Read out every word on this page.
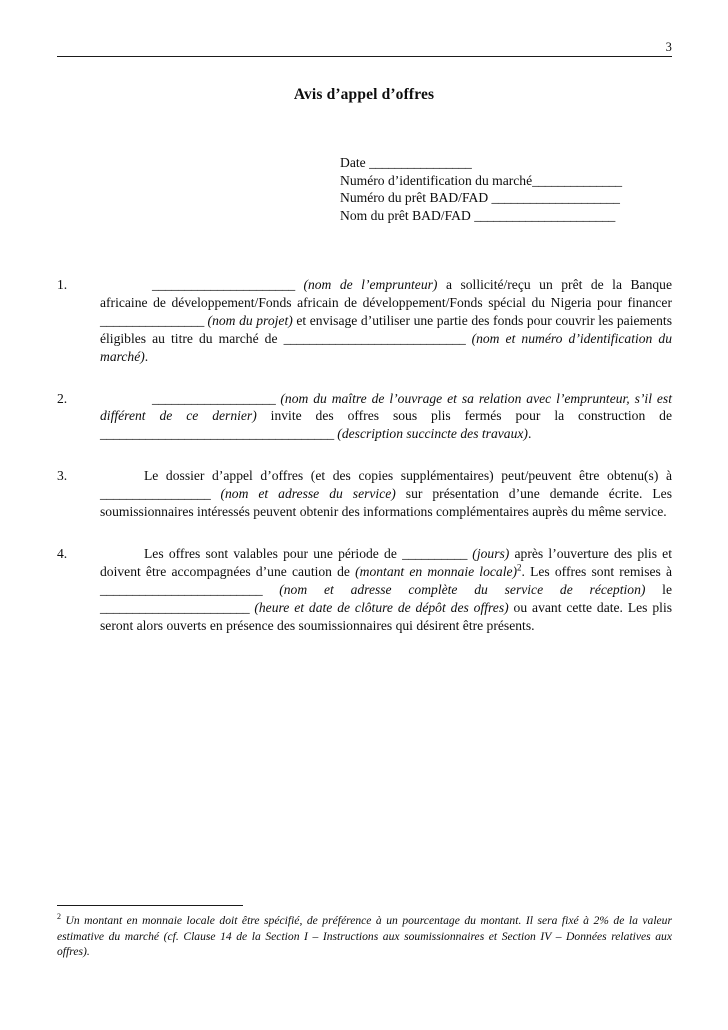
3
Avis d’appel d’offres
Date ________________
Numéro d’identification du marché______________
Numéro du prêt BAD/FAD ____________________
Nom du prêt BAD/FAD ______________________
1.	______________________ (nom de l’emprunteur) a sollicité/reçu un prêt de la Banque africaine de développement/Fonds africain de développement/Fonds spécial du Nigeria pour financer ________________ (nom du projet) et envisage d’utiliser une partie des fonds pour couvrir les paiements éligibles au titre du marché de ____________________________ (nom et numéro d’identification du marché).

2.	___________________ (nom du maître de l’ouvrage et sa relation avec l’emprunteur, s’il est différent de ce dernier) invite des offres sous plis fermés pour la construction de ____________________________________ (description succincte des travaux).

3.	Le dossier d’appel d’offres (et des copies supplémentaires) peut/peuvent être obtenu(s) à _________________ (nom et adresse du service) sur présentation d’une demande écrite. Les soumissionnaires intéressés peuvent obtenir des informations complémentaires auprès du même service.

4.	Les offres sont valables pour une période de __________ (jours) après l’ouverture des plis et doivent être accompagnées d’une caution de (montant en monnaie locale)$^2$. Les offres sont remises à _________________________ (nom et adresse complète du service de réception) le _______________________ (heure et date de clôture de dépôt des offres) ou avant cette date. Les plis seront alors ouverts en présence des soumissionnaires qui désirent être présents.

$^2$ Un montant en monnaie locale doit être spécifié, de préférence à un pourcentage du montant. Il sera fixé à 2% de la valeur estimative du marché (cf. Clause 14 de la Section I – Instructions aux soumissionnaires et Section IV – Données relatives aux offres).
